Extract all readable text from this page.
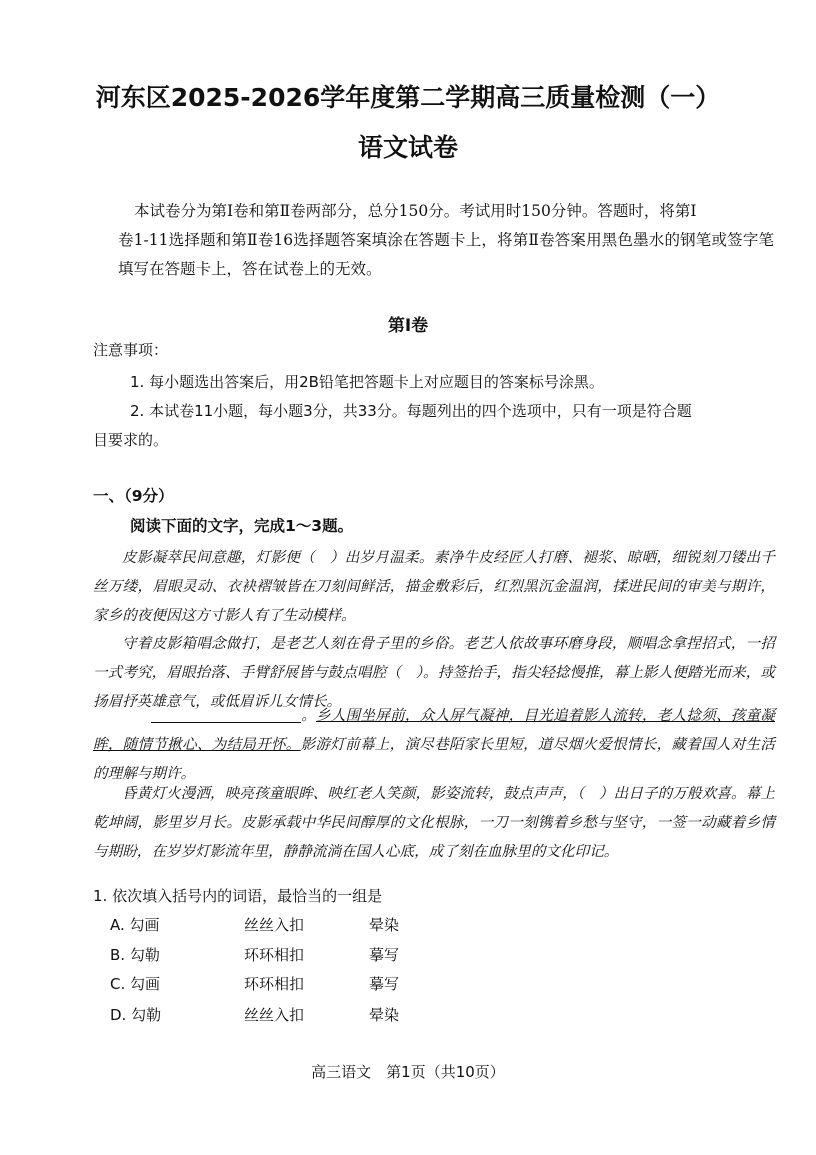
河东区2025-2026学年度第二学期高三质量检测（一）
语文试卷
本试卷分为第Ⅰ卷和第Ⅱ卷两部分，总分150分。考试用时150分钟。答题时，将第Ⅰ
卷1-11选择题和第Ⅱ卷16选择题答案填涂在答题卡上，将第Ⅱ卷答案用黑色墨水的钢笔或签字笔填写在答题卡上，答在试卷上的无效。
第Ⅰ卷
注意事项：
1. 每小题选出答案后，用2B铅笔把答题卡上对应题目的答案标号涂黑。
2. 本试卷11小题，每小题3分，共33分。每题列出的四个选项中，只有一项是符合题
目要求的。
一、（9分）
阅读下面的文字，完成1～3题。

皮影凝萃民间意趣，灯影便（　）出岁月温柔。素净牛皮经匠人打磨、褪浆、晾晒，细锐刻刀镂出千丝万缕，眉眼灵动、衣袂褶皱皆在刀刻间鲜活，描金敷彩后，红烈黑沉金温润，揉进民间的审美与期许，家乡的夜便因这方寸影人有了生动模样。

守着皮影箱唱念做打，是老艺人刻在骨子里的乡俗。老艺人依故事环磨身段，顺唱念拿捏招式，一招一式考究，眉眼抬落、手臂舒展皆与鼓点唱腔（　）。持签抬手，指尖轻捻慢推，幕上影人便踏光而来，或扬眉抒英雄意气，或低眉诉儿女情长。

。乡人围坐屏前，众人屏气凝神，目光追着影人流转，老人捻须、孩童凝眸，随情节揪心、为结局开怀。影游灯前幕上，演尽巷陌家长里短，道尽烟火爱恨情长，藏着国人对生活的理解与期许。

昏黄灯火漫洒，映亮孩童眼眸、映红老人笑颜，影姿流转，鼓点声声，（　）出日子的万般欢喜。幕上乾坤阔，影里岁月长。皮影承载中华民间醇厚的文化根脉，一刀一刻镌着乡愁与坚守，一签一动藏着乡情与期盼，在岁岁灯影流年里，静静流淌在国人心底，成了刻在血脉里的文化印记。

1. 依次填入括号内的词语，最恰当的一组是
A. 勾画	丝丝入扣	晕染
B. 勾勒	环环相扣	摹写
C. 勾画	环环相扣	摹写
D. 勾勒	丝丝入扣	晕染
高三语文　第1页（共10页）
